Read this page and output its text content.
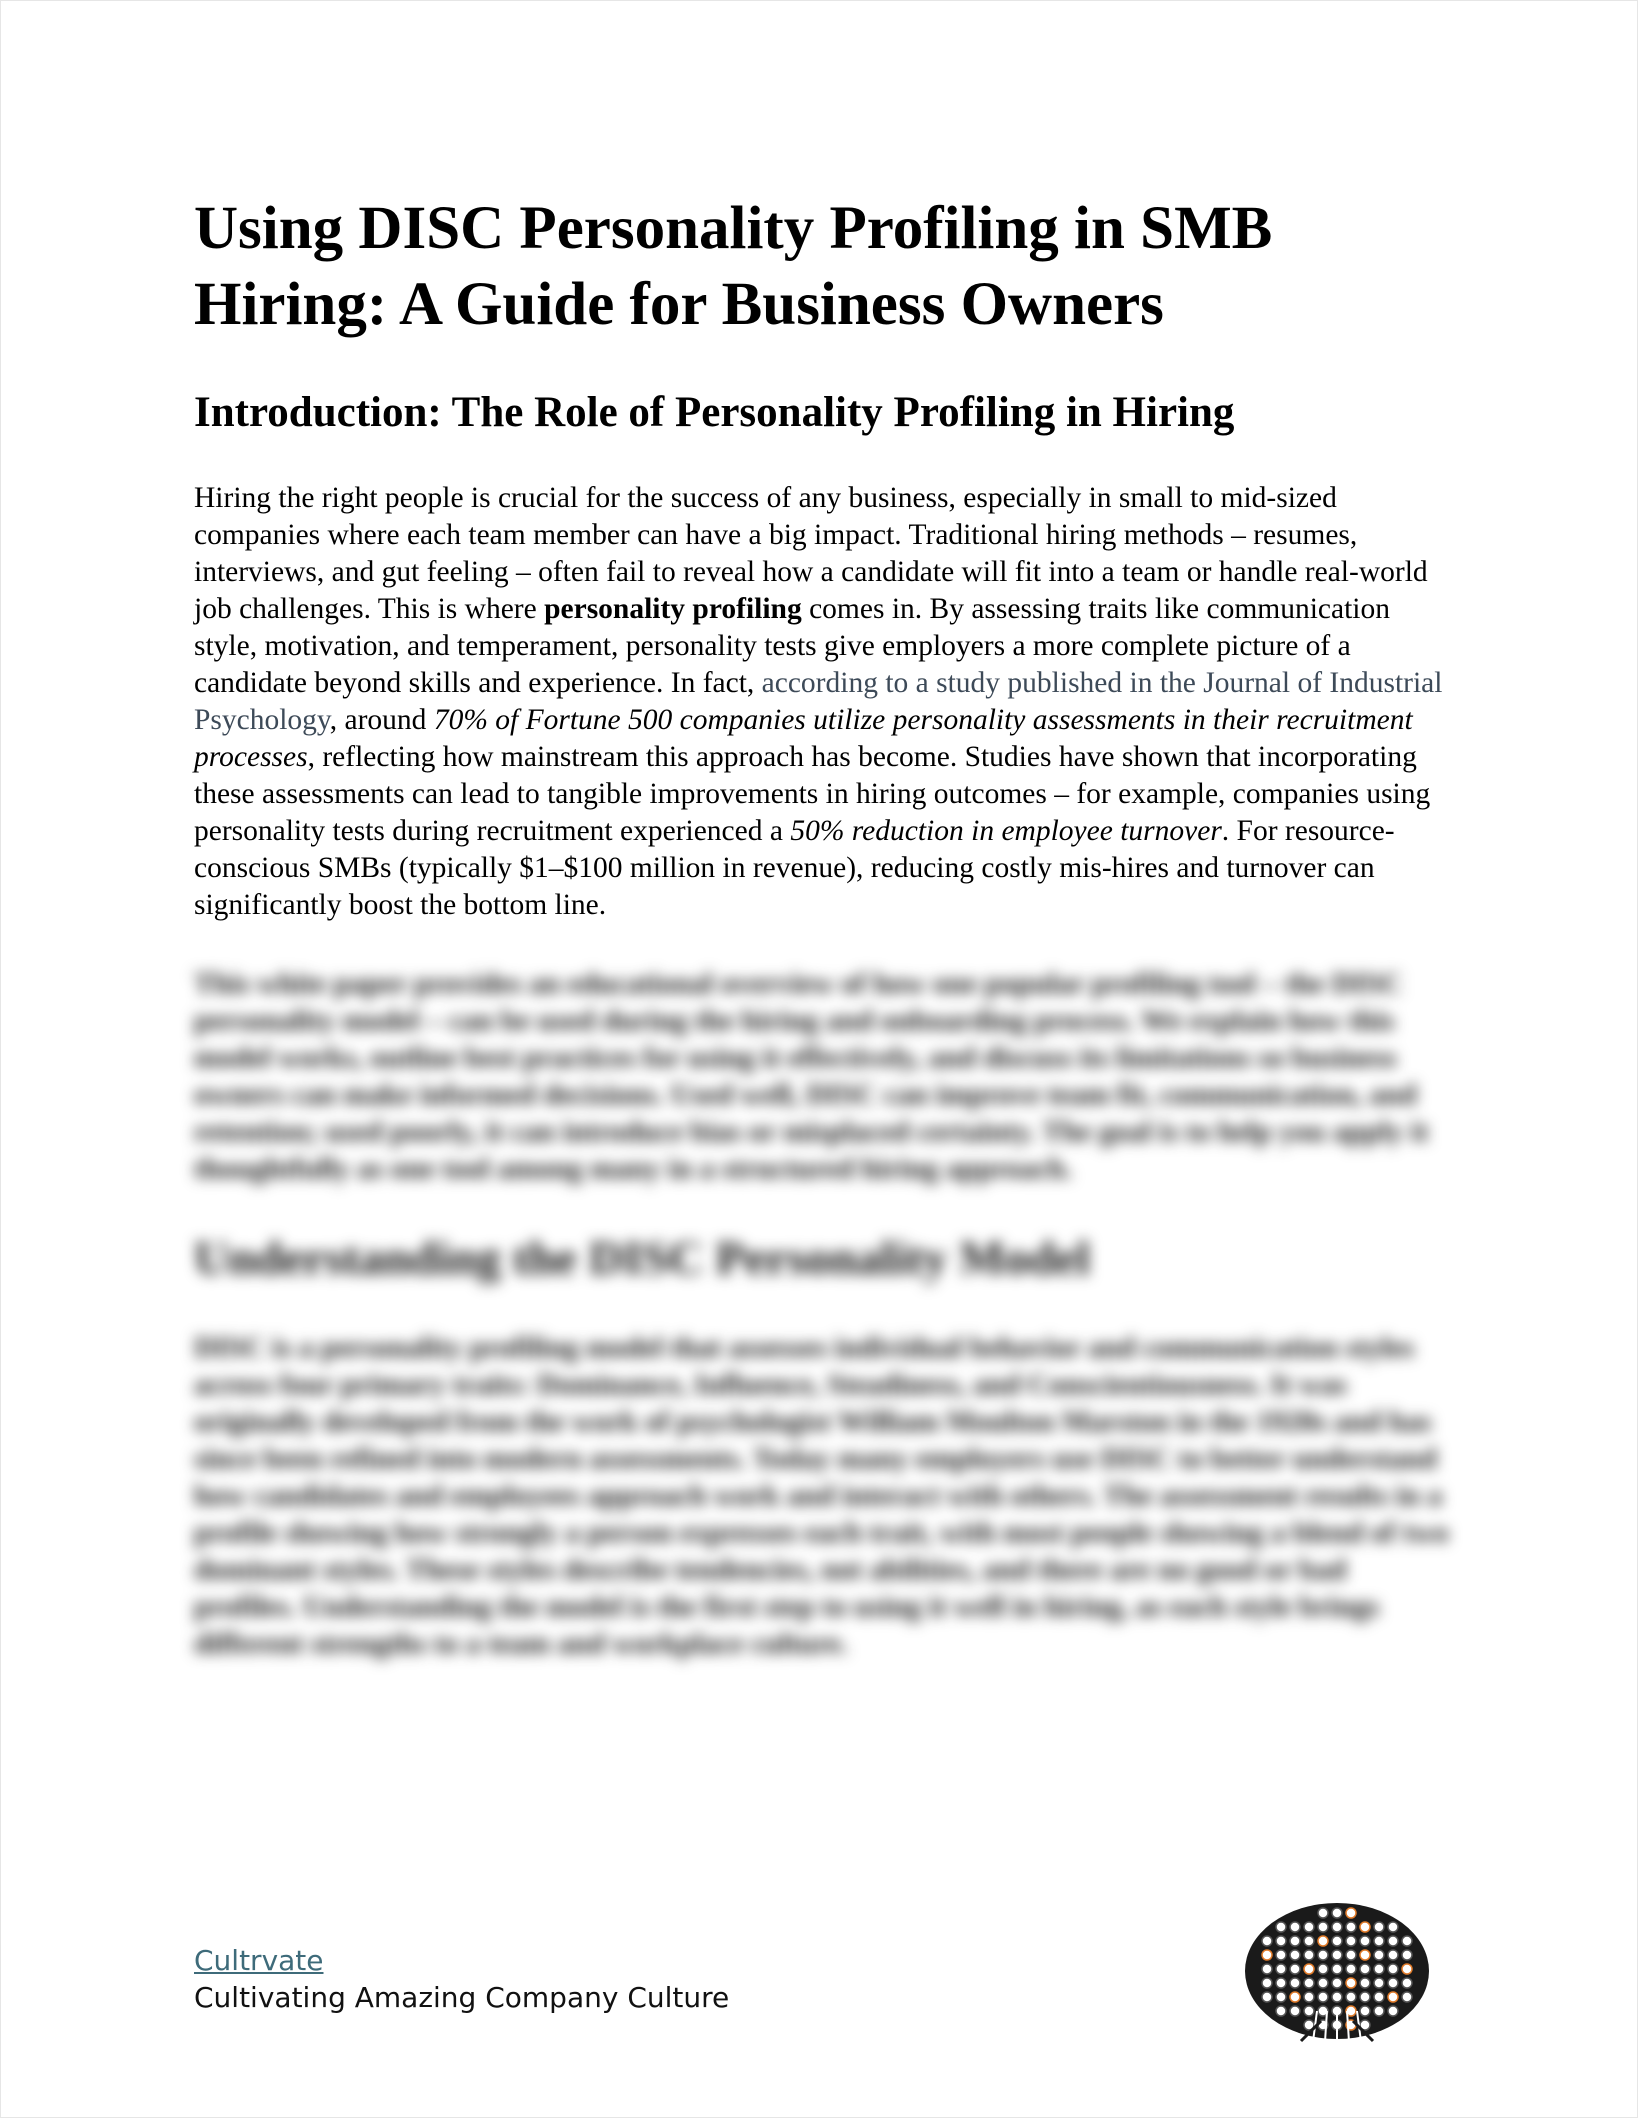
Using DISC Personality Profiling in SMB Hiring: A Guide for Business Owners
Introduction: The Role of Personality Profiling in Hiring

Hiring the right people is crucial for the success of any business, especially in small to mid-sized companies where each team member can have a big impact. Traditional hiring methods – resumes, interviews, and gut feeling – often fail to reveal how a candidate will fit into a team or handle real-world job challenges. This is where personality profiling comes in. By assessing traits like communication style, motivation, and temperament, personality tests give employers a more complete picture of a candidate beyond skills and experience. In fact, according to a study published in the Journal of Industrial Psychology, around 70% of Fortune 500 companies utilize personality assessments in their recruitment processes, reflecting how mainstream this approach has become. Studies have shown that incorporating these assessments can lead to tangible improvements in hiring outcomes – for example, companies using personality tests during recruitment experienced a 50% reduction in employee turnover. For resource-conscious SMBs (typically $1–$100 million in revenue), reducing costly mis-hires and turnover can significantly boost the bottom line.

This white paper provides an educational overview of how one popular profiling tool – the DISC personality model – can be used during the hiring and onboarding process. We explain how this model works, outline best practices for using it effectively, and discuss its limitations so business owners can make informed decisions. Used well, DISC can improve team fit, communication, and retention; used poorly, it can introduce bias or misplaced certainty. The goal is to help you apply it thoughtfully as one tool among many in a structured hiring approach.

Understanding the DISC Personality Model

DISC is a personality profiling model that assesses individual behavior and communication styles across four primary traits: Dominance, Influence, Steadiness, and Conscientiousness. It was originally developed from the work of psychologist William Moulton Marston in the 1920s and has since been refined into modern assessments. Today many employers use DISC to better understand how candidates and employees approach work and interact with others. The assessment results in a profile showing how strongly a person expresses each trait, with most people showing a blend of two dominant styles. These styles describe tendencies, not abilities, and there are no good or bad profiles. Understanding the model is the first step to using it well in hiring, as each style brings different strengths to a team and workplace culture.

Cultrvate
Cultivating Amazing Company Culture
